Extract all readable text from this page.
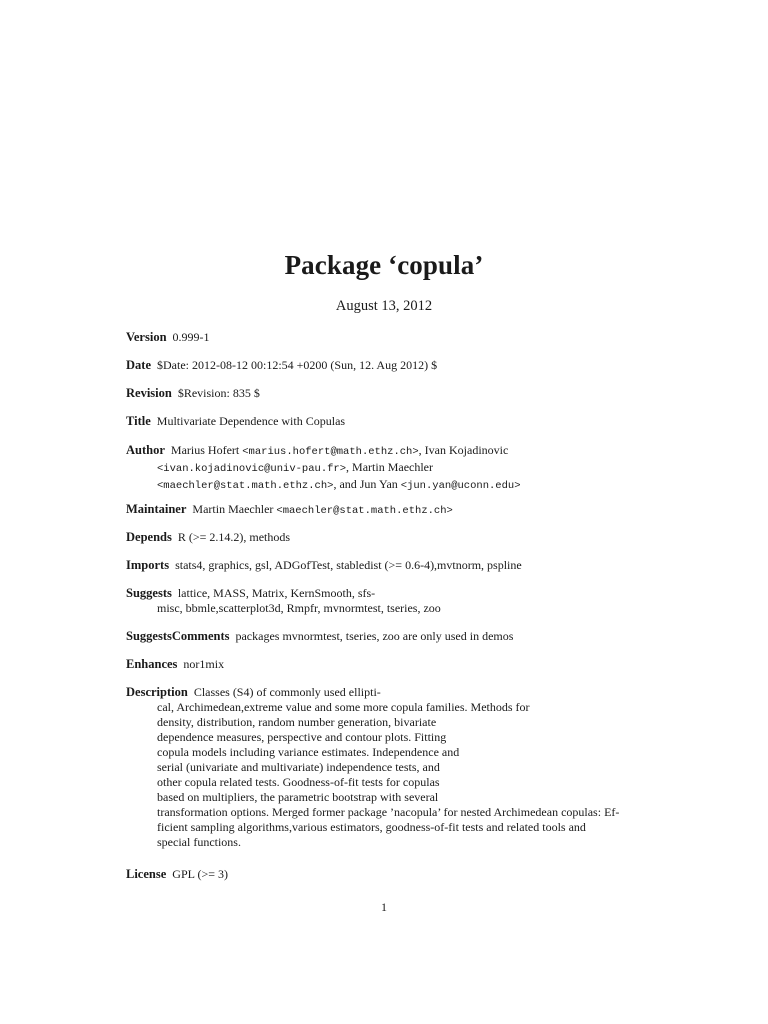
Package ‘copula’
August 13, 2012
Version 0.999-1
Date $Date: 2012-08-12 00:12:54 +0200 (Sun, 12. Aug 2012) $
Revision $Revision: 835 $
Title Multivariate Dependence with Copulas
Author Marius Hofert <marius.hofert@math.ethz.ch>, Ivan Kojadinovic
<ivan.kojadinovic@univ-pau.fr>, Martin Maechler
<maechler@stat.math.ethz.ch>, and Jun Yan <jun.yan@uconn.edu>
Maintainer Martin Maechler <maechler@stat.math.ethz.ch>
Depends R (>= 2.14.2), methods
Imports stats4, graphics, gsl, ADGofTest, stabledist (>= 0.6-4),mvtnorm, pspline
Suggests lattice, MASS, Matrix, KernSmooth, sfs-
misc, bbmle,scatterplot3d, Rmpfr, mvnormtest, tseries, zoo
SuggestsComments packages mvnormtest, tseries, zoo are only used in demos
Enhances nor1mix
Description Classes (S4) of commonly used ellipti-
cal, Archimedean,extreme value and some more copula families. Methods for
density, distribution, random number generation, bivariate
dependence measures, perspective and contour plots. Fitting
copula models including variance estimates. Independence and
serial (univariate and multivariate) independence tests, and
other copula related tests. Goodness-of-fit tests for copulas
based on multipliers, the parametric bootstrap with several
transformation options. Merged former package ’nacopula’ for nested Archimedean copulas: Ef-
ficient sampling algorithms,various estimators, goodness-of-fit tests and related tools and
special functions.
License GPL (>= 3)
1
